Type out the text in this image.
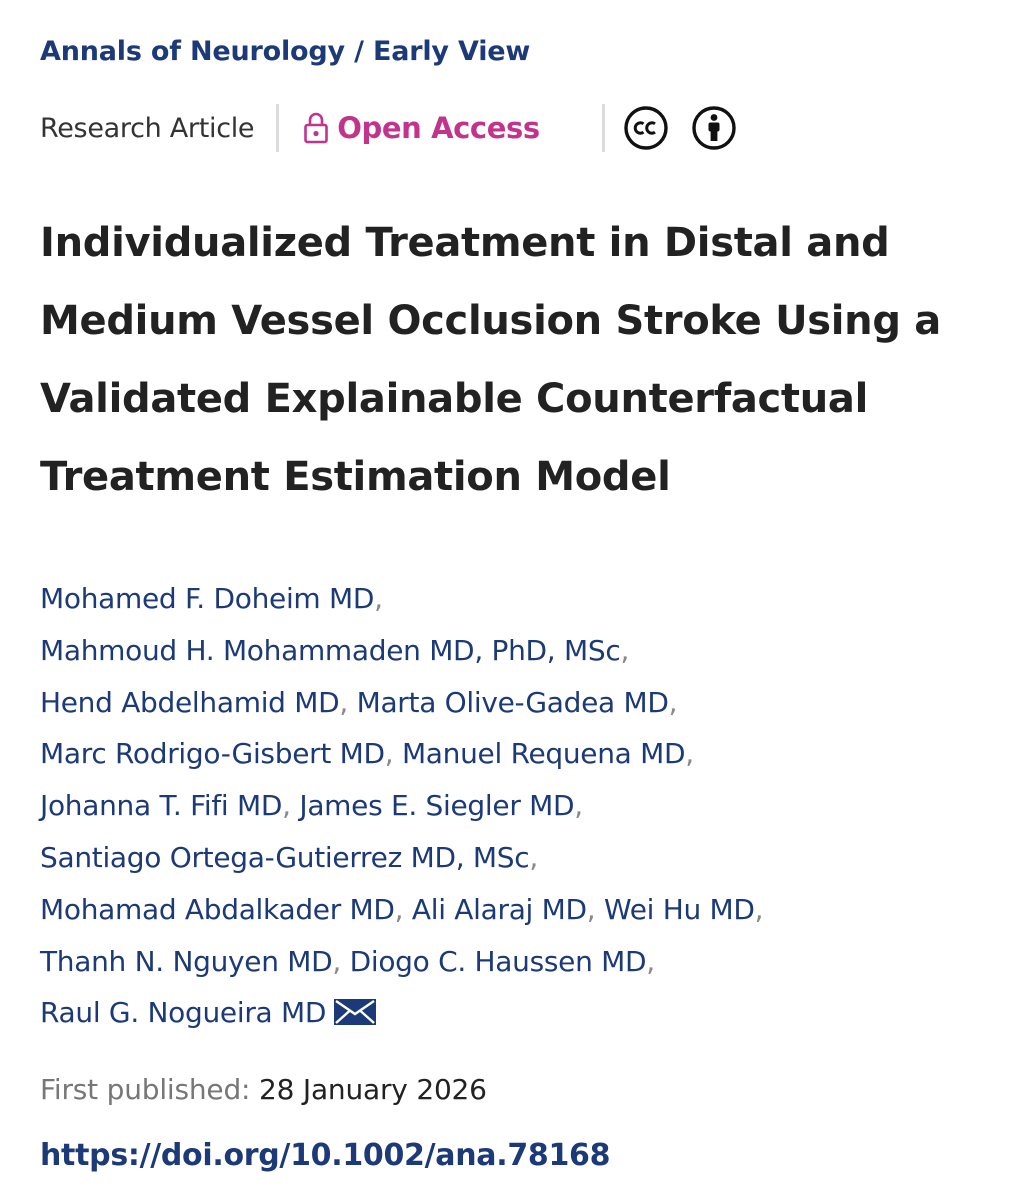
Annals of Neurology / Early View
Research Article	Open Access
Individualized Treatment in Distal and
Medium Vessel Occlusion Stroke Using a
Validated Explainable Counterfactual
Treatment Estimation Model
Mohamed F. Doheim MD,
Mahmoud H. Mohammaden MD, PhD, MSc,
Hend Abdelhamid MD, Marta Olive-Gadea MD,
Marc Rodrigo-Gisbert MD, Manuel Requena MD,
Johanna T. Fifi MD, James E. Siegler MD,
Santiago Ortega-Gutierrez MD, MSc,
Mohamad Abdalkader MD, Ali Alaraj MD, Wei Hu MD,
Thanh N. Nguyen MD, Diogo C. Haussen MD,
Raul G. Nogueira MD
First published: 28 January 2026
https://doi.org/10.1002/ana.78168
